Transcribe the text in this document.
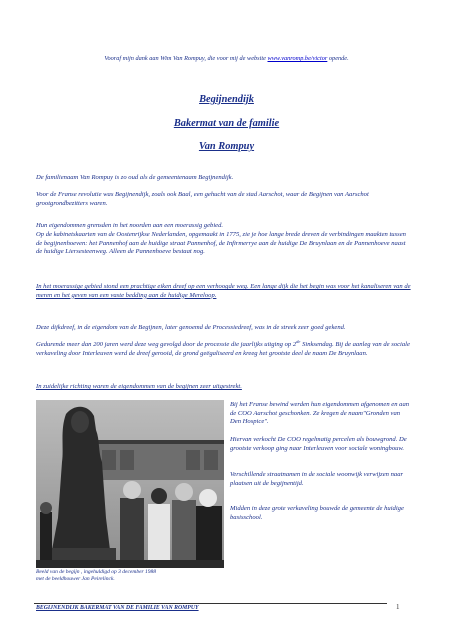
Vooraf mijn dank aan Wim Van Rompuy, die voor mij de website www.vanromp.be/victor opende.
Begijnendijk
Bakermat van de familie
Van Rompuy
De familienaam Van Rompuy is zo oud als de gemeentenaam Begijnendijk.
Voor de Franse revolutie was Begijnendijk, zoals ook Baal, een gehucht van de stad Aarschot, waar de Begijnen van Aarschot grootgrondbezitters waren.
Hun eigendommen grensden in het noorden aan een moerassig gebied.
Op de kabinetskaarten van de Oostenrijkse Nederlanden, opgemaakt in 1775, zie je hoe lange brede dreven de verbindingen maakten tussen de begijnenhoeven: het Pannenhof aan de huidige straat Pannenhof, de Infirmerrye aan de huidige De Bruynlaan en de Pannenhoeve naast de huidige Liersesteenweg. Alleen de Pannenhoeve bestaat nog.
In het moerassige gebied stond een prachtige eiken dreef op een verhoogde weg. Een lange dijk die het begin was voor het kanaliseren van de meren en het geven van een vaste bedding aan de huidige Mereloop.
Deze dijkdreef, in de eigendom van de Begijnen, later genoemd de Processiedreef, was in de streek zeer goed gekend.
Gedurende meer dan 200 jaren werd deze weg gevolgd door de processie die jaarlijks uitging op 2de Sinksendag. Bij de aanleg van de sociale verkaveling door Interleuven werd de dreef gerooid, de grond geëgaliseerd en kreeg het grootste deel de naam De Bruynlaan.
In zuidelijke richting waren de eigendommen van de begijnen zeer uitgestrekt.
Bij het Franse bewind werden hun eigendommen afgenomen en aan de COO Aarschot geschonken. Ze kregen de naam"Gronden van Den Hospice".
Hiervan verkocht De COO regelmatig percelen als bouwgrond. De grootste verkoop ging naar Interleuven voor sociale woningbouw.
Verschillende straatnamen in de sociale woonwijk verwijzen naar plaatsen uit de begijnentijd.
Midden in deze grote verkaveling bouwde de gemeente de huidige basisschool.
Beeld van de begijn , ingehuldigd op 3 december 1988
met de beeldhouwer Jan Peirelinck.
BEGIJNENDIJK BAKERMAT VAN DE FAMILIE VAN ROMPUY	1
